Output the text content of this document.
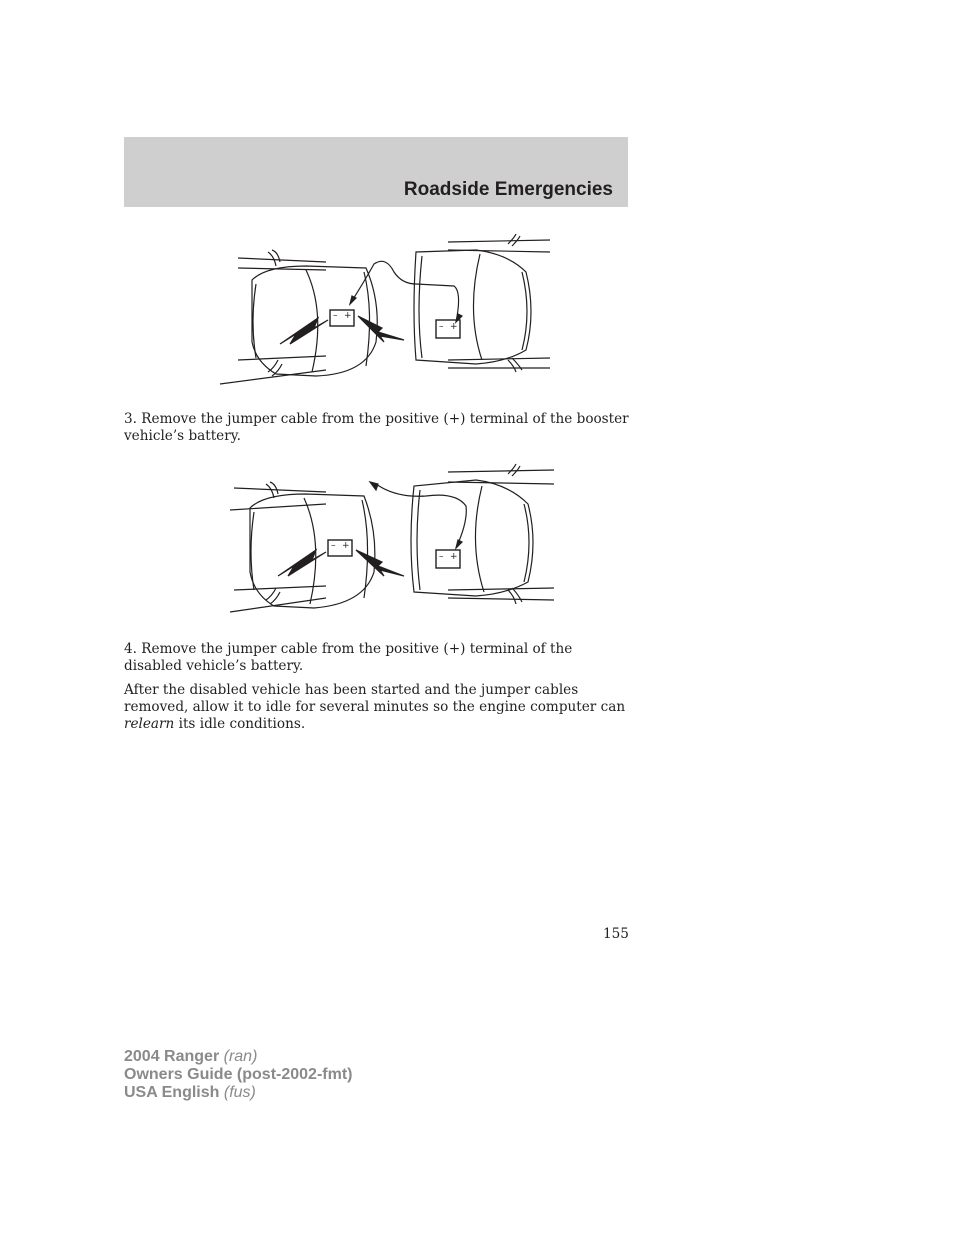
Roadside Emergencies
– +
– +
3. Remove the jumper cable from the positive (+) terminal of the booster vehicle’s battery.
– +
– +
4. Remove the jumper cable from the positive (+) terminal of the disabled vehicle’s battery.
After the disabled vehicle has been started and the jumper cables removed, allow it to idle for several minutes so the engine computer can relearn its idle conditions.
155
2004 Ranger (ran)
Owners Guide (post-2002-fmt)
USA English (fus)
